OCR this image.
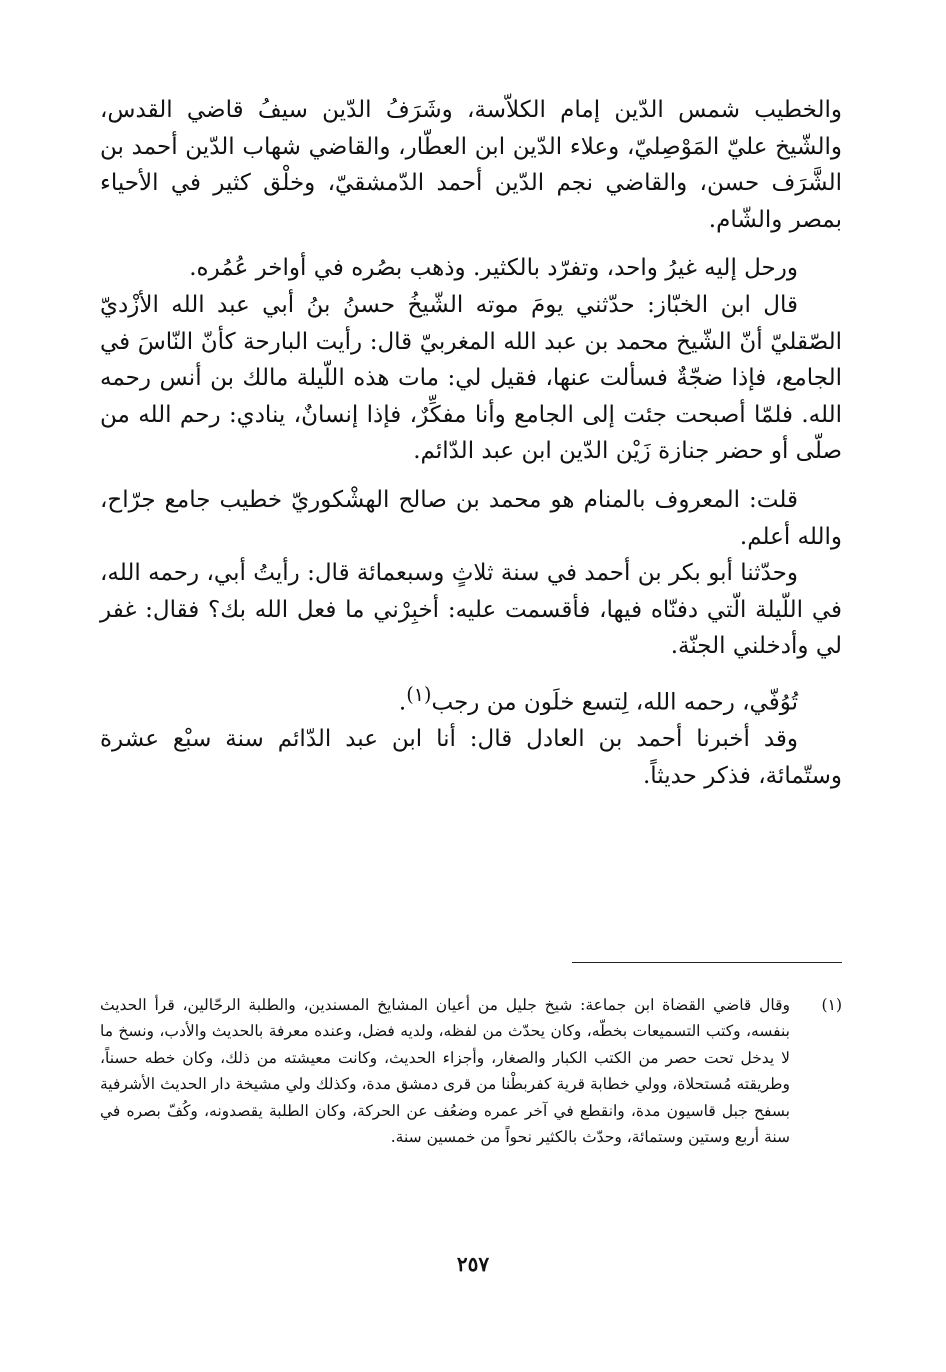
والخطيب شمس الدّين إمام الكلاّسة، وشَرَفُ الدّين سيفُ قاضي القدس، والشّيخ عليّ المَوْصِليّ، وعلاء الدّين ابن العطّار، والقاضي شهاب الدّين أحمد بن الشَّرَف حسن، والقاضي نجم الدّين أحمد الدّمشقيّ، وخلْق كثير في الأحياء بمصر والشّام.

ورحل إليه غيرُ واحد، وتفرّد بالكثير. وذهب بصُره في أواخر عُمُره.

قال ابن الخبّاز: حدّثني يومَ موته الشّيخُ حسنُ بنُ أبي عبد الله الأزْديّ الصّقليّ أنّ الشّيخ محمد بن عبد الله المغربيّ قال: رأيت البارحة كأنّ النّاسَ في الجامع، فإذا ضجّةٌ فسألت عنها، فقيل لي: مات هذه اللّيلة مالك بن أنس رحمه الله. فلمّا أصبحت جئت إلى الجامع وأنا مفكِّرٌ، فإذا إنسانٌ، ينادي: رحم الله من صلّى أو حضر جنازة زَيْن الدّين ابن عبد الدّائم.

قلت: المعروف بالمنام هو محمد بن صالح الهشْكوريّ خطيب جامع جرّاح، والله أعلم.

وحدّثنا أبو بكر بن أحمد في سنة ثلاثٍ وسبعمائة قال: رأيتُ أبي، رحمه الله، في اللّيلة الّتي دفنّاه فيها، فأقسمت عليه: أخبِرْني ما فعل الله بك؟ فقال: غفر لي وأدخلني الجنّة.

تُوُفّي، رحمه الله، لِتسع خلَون من رجب$^{(١)}$.

وقد أخبرنا أحمد بن العادل قال: أنا ابن عبد الدّائم سنة سبْع عشرة وستّمائة، فذكر حديثاً.

(١)
وقال قاضي القضاة ابن جماعة: شيخ جليل من أعيان المشايخ المسندين، والطلبة الرحّالين، قرأ الحديث بنفسه، وكتب التسميعات بخطّه، وكان يحدّث من لفظه، ولديه فضل، وعنده معرفة بالحديث والأدب، ونسخ ما لا يدخل تحت حصر من الكتب الكبار والصغار، وأجزاء الحديث، وكانت معيشته من ذلك، وكان خطه حسناً، وطريقته مُستحلاة، وولي خطابة قرية كفربطْنا من قرى دمشق مدة، وكذلك ولي مشيخة دار الحديث الأشرفية بسفح جبل قاسيون مدة، وانقطع في آخر عمره وضعُف عن الحركة، وكان الطلبة يقصدونه، وكُفّ بصره في سنة أربع وستين وستمائة، وحدّث بالكثير نحواً من خمسين سنة.
٢٥٧
